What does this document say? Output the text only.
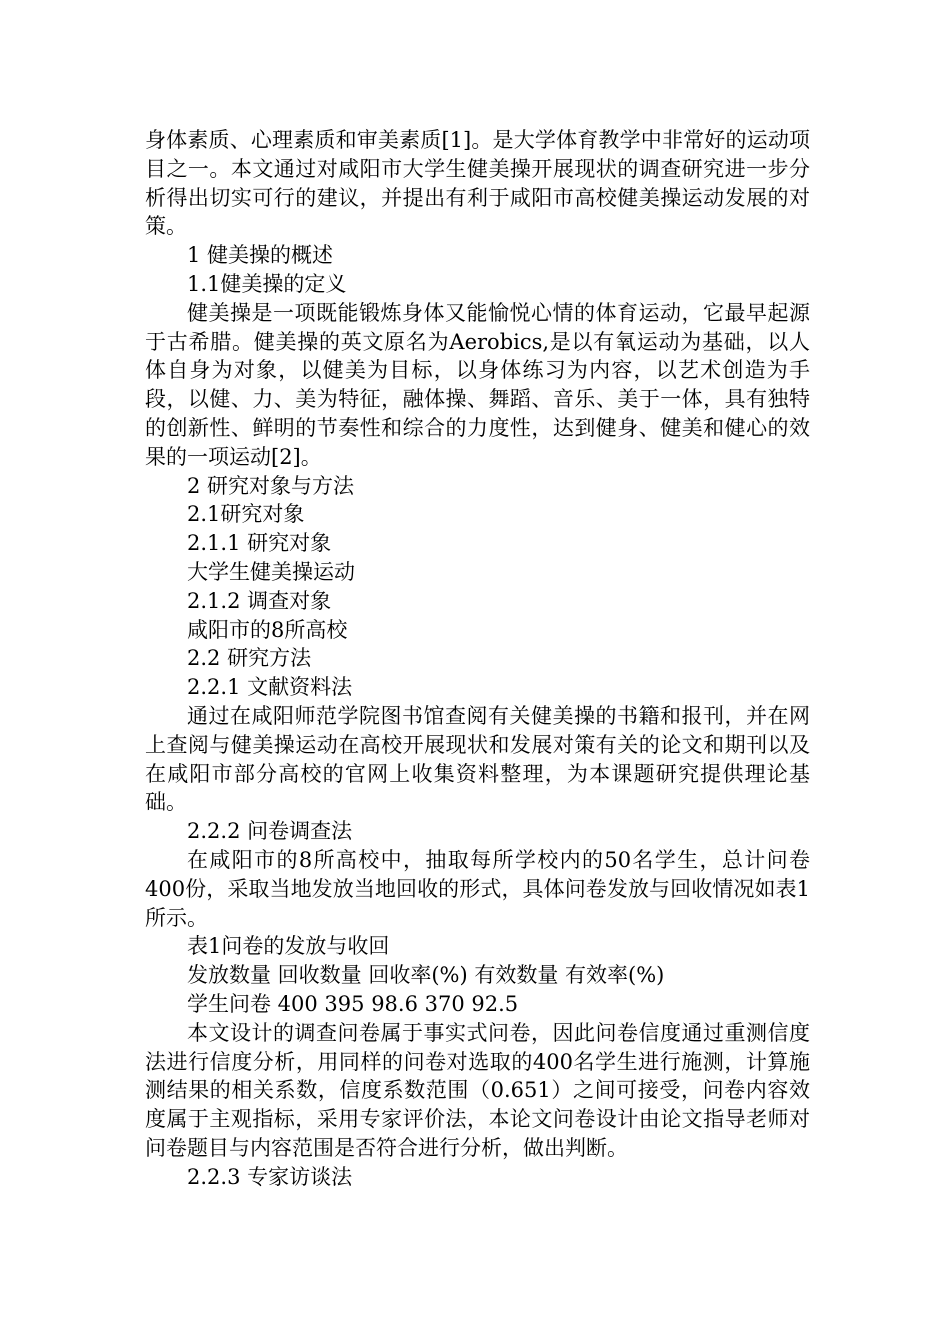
身体素质、心理素质和审美素质[1]。是大学体育教学中非常好的运动项目之一。本文通过对咸阳市大学生健美操开展现状的调查研究进一步分析得出切实可行的建议，并提出有利于咸阳市高校健美操运动发展的对策。

1 健美操的概述

1.1健美操的定义

健美操是一项既能锻炼身体又能愉悦心情的体育运动，它最早起源于古希腊。健美操的英文原名为Aerobics,是以有氧运动为基础，以人体自身为对象，以健美为目标，以身体练习为内容，以艺术创造为手段，以健、力、美为特征，融体操、舞蹈、音乐、美于一体，具有独特的创新性、鲜明的节奏性和综合的力度性，达到健身、健美和健心的效果的一项运动[2]。

2 研究对象与方法

2.1研究对象

2.1.1 研究对象

大学生健美操运动

2.1.2 调查对象

咸阳市的8所高校

2.2 研究方法

2.2.1 文献资料法

通过在咸阳师范学院图书馆查阅有关健美操的书籍和报刊，并在网上查阅与健美操运动在高校开展现状和发展对策有关的论文和期刊以及在咸阳市部分高校的官网上收集资料整理，为本课题研究提供理论基础。

2.2.2 问卷调查法

在咸阳市的8所高校中，抽取每所学校内的50名学生，总计问卷400份，采取当地发放当地回收的形式，具体问卷发放与回收情况如表1所示。

表1问卷的发放与收回

发放数量 回收数量 回收率(%) 有效数量 有效率(%)

学生问卷 400 395 98.6 370 92.5

本文设计的调查问卷属于事实式问卷，因此问卷信度通过重测信度法进行信度分析，用同样的问卷对选取的400名学生进行施测，计算施测结果的相关系数，信度系数范围（0.651）之间可接受，问卷内容效度属于主观指标，采用专家评价法，本论文问卷设计由论文指导老师对问卷题目与内容范围是否符合进行分析，做出判断。

2.2.3 专家访谈法
